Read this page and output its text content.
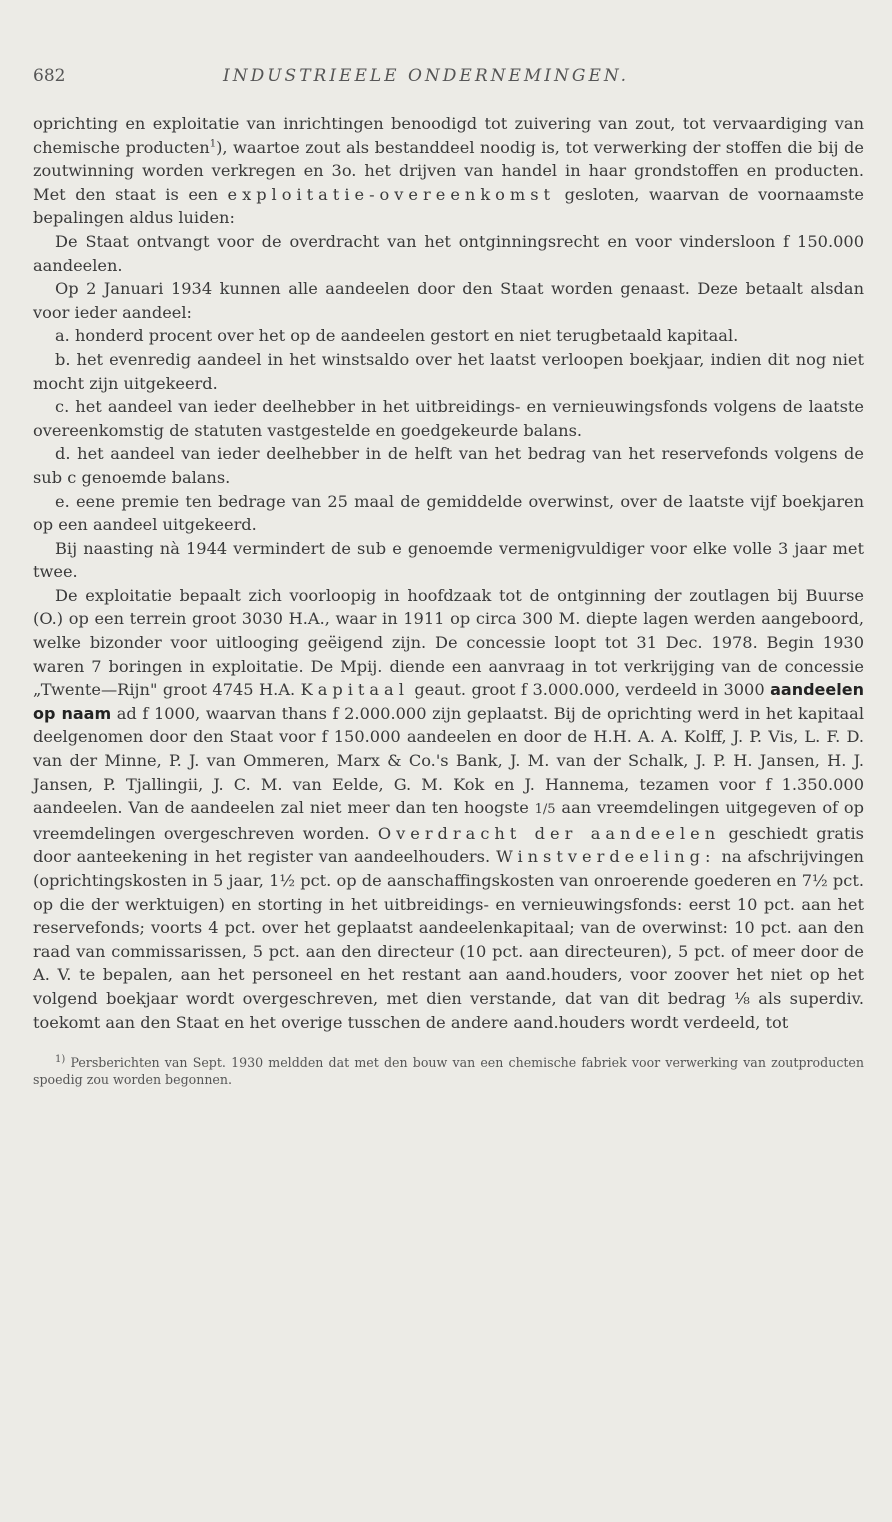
682	INDUSTRIEELE ONDERNEMINGEN.

oprichting en exploitatie van inrichtingen benoodigd tot zuivering van zout, tot vervaardiging van chemische producten$^1$), waartoe zout als bestanddeel noodig is, tot verwerking der stoffen die bij de zoutwinning worden verkregen en 3o. het drijven van handel in haar grondstoffen en producten. Met den staat is een exploitatie-overeenkomst gesloten, waarvan de voornaamste bepalingen aldus luiden:

De Staat ontvangt voor de overdracht van het ontginningsrecht en voor vindersloon f 150.000 aandeelen.

Op 2 Januari 1934 kunnen alle aandeelen door den Staat worden genaast. Deze betaalt alsdan voor ieder aandeel:

a. honderd procent over het op de aandeelen gestort en niet terugbetaald kapitaal.

b. het evenredig aandeel in het winstsaldo over het laatst verloopen boekjaar, indien dit nog niet mocht zijn uitgekeerd.

c. het aandeel van ieder deelhebber in het uitbreidings- en vernieuwingsfonds volgens de laatste overeenkomstig de statuten vastgestelde en goedgekeurde balans.

d. het aandeel van ieder deelhebber in de helft van het bedrag van het reservefonds volgens de sub c genoemde balans.

e. eene premie ten bedrage van 25 maal de gemiddelde overwinst, over de laatste vijf boekjaren op een aandeel uitgekeerd.

Bij naasting nà 1944 vermindert de sub e genoemde vermenigvuldiger voor elke volle 3 jaar met twee.

De exploitatie bepaalt zich voorloopig in hoofdzaak tot de ontginning der zoutlagen bij Buurse (O.) op een terrein groot 3030 H.A., waar in 1911 op circa 300 M. diepte lagen werden aangeboord, welke bizonder voor uitlooging geëigend zijn. De concessie loopt tot 31 Dec. 1978. Begin 1930 waren 7 boringen in exploitatie. De Mpij. diende een aanvraag in tot verkrijging van de concessie „Twente—Rijn" groot 4745 H.A. Kapitaal geaut. groot f 3.000.000, verdeeld in 3000 aandeelen op naam ad f 1000, waarvan thans f 2.000.000 zijn geplaatst. Bij de oprichting werd in het kapitaal deelgenomen door den Staat voor f 150.000 aandeelen en door de H.H. A. A. Kolff, J. P. Vis, L. F. D. van der Minne, P. J. van Ommeren, Marx & Co.'s Bank, J. M. van der Schalk, J. P. H. Jansen, H. J. Jansen, P. Tjallingii, J. C. M. van Eelde, G. M. Kok en J. Hannema, tezamen voor f 1.350.000 aandeelen. Van de aandeelen zal niet meer dan ten hoogste 1/5 aan vreemdelingen uitgegeven of op vreemdelingen overgeschreven worden. Overdracht der aandeelen geschiedt gratis door aanteekening in het register van aandeelhouders. Winstverdeeling: na afschrijvingen (oprichtingskosten in 5 jaar, 1½ pct. op de aanschaffingskosten van onroerende goederen en 7½ pct. op die der werktuigen) en storting in het uitbreidings- en vernieuwingsfonds: eerst 10 pct. aan het reservefonds; voorts 4 pct. over het geplaatst aandeelenkapitaal; van de overwinst: 10 pct. aan den raad van commissarissen, 5 pct. aan den directeur (10 pct. aan directeuren), 5 pct. of meer door de A. V. te bepalen, aan het personeel en het restant aan aand.houders, voor zoover het niet op het volgend boekjaar wordt overgeschreven, met dien verstande, dat van dit bedrag ⅛ als superdiv. toekomt aan den Staat en het overige tusschen de andere aand.houders wordt verdeeld, tot

$^{1)}$ Persberichten van Sept. 1930 meldden dat met den bouw van een chemische fabriek voor verwerking van zoutproducten spoedig zou worden begonnen.
